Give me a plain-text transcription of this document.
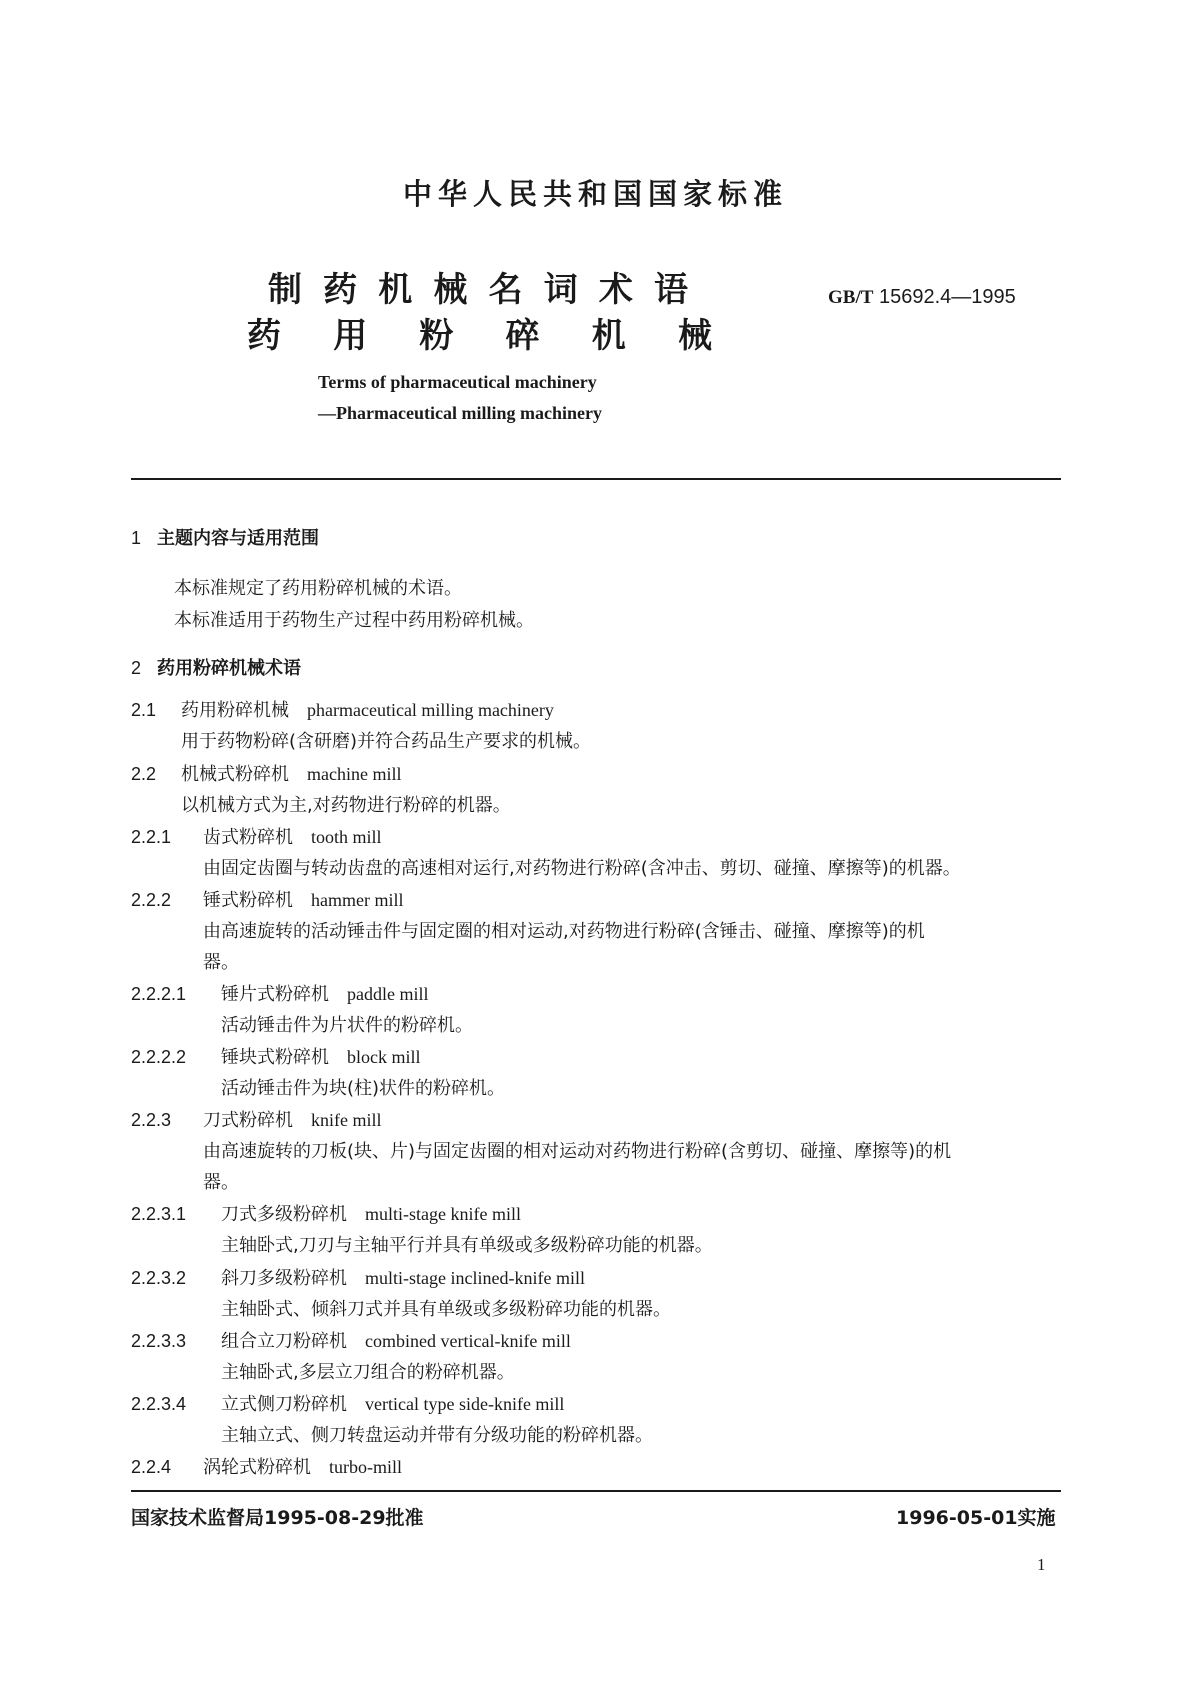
中华人民共和国国家标准
制 药 机 械 名 词 术 语
药 用 粉 碎 机 械
GB/T 15692.4—1995
Terms of pharmaceutical machinery
—Pharmaceutical milling machinery
1 主题内容与适用范围
本标准规定了药用粉碎机械的术语。
本标准适用于药物生产过程中药用粉碎机械。
2 药用粉碎机械术语
2.1 药用粉碎机械 pharmaceutical milling machinery
用于药物粉碎(含研磨)并符合药品生产要求的机械。
2.2 机械式粉碎机 machine mill
以机械方式为主,对药物进行粉碎的机器。
2.2.1 齿式粉碎机 tooth mill
由固定齿圈与转动齿盘的高速相对运行,对药物进行粉碎(含冲击、剪切、碰撞、摩擦等)的机器。
2.2.2 锤式粉碎机 hammer mill
由高速旋转的活动锤击件与固定圈的相对运动,对药物进行粉碎(含锤击、碰撞、摩擦等)的机
器。
2.2.2.1 锤片式粉碎机 paddle mill
活动锤击件为片状件的粉碎机。
2.2.2.2 锤块式粉碎机 block mill
活动锤击件为块(柱)状件的粉碎机。
2.2.3 刀式粉碎机 knife mill
由高速旋转的刀板(块、片)与固定齿圈的相对运动对药物进行粉碎(含剪切、碰撞、摩擦等)的机
器。
2.2.3.1 刀式多级粉碎机 multi-stage knife mill
主轴卧式,刀刃与主轴平行并具有单级或多级粉碎功能的机器。
2.2.3.2 斜刀多级粉碎机 multi-stage inclined-knife mill
主轴卧式、倾斜刀式并具有单级或多级粉碎功能的机器。
2.2.3.3 组合立刀粉碎机 combined vertical-knife mill
主轴卧式,多层立刀组合的粉碎机器。
2.2.3.4 立式侧刀粉碎机 vertical type side-knife mill
主轴立式、侧刀转盘运动并带有分级功能的粉碎机器。
2.2.4 涡轮式粉碎机 turbo-mill
国家技术监督局1995-08-29批准	1996-05-01实施
1
